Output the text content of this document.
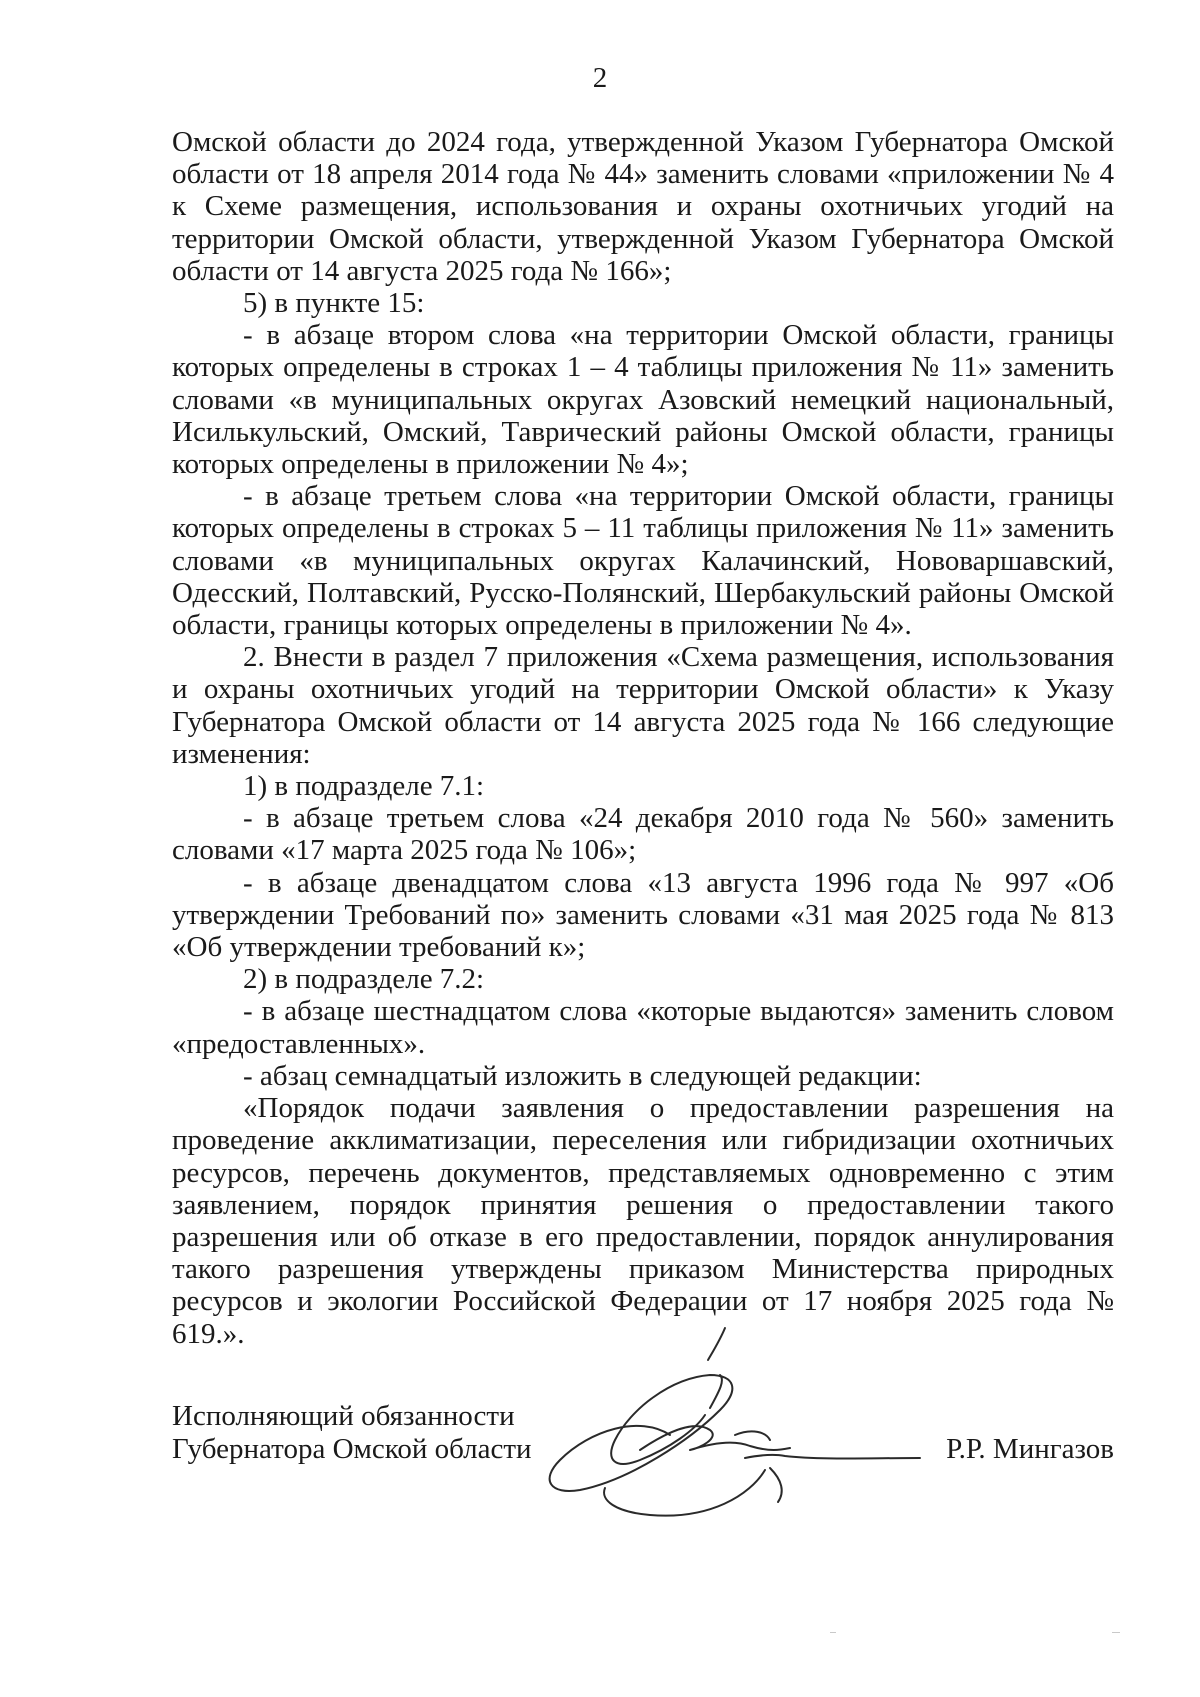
2

Омской области до 2024 года, утвержденной Указом Губернатора Омской области от 18 апреля 2014 года № 44» заменить словами «приложении № 4 к Схеме размещения, использования и охраны охотничьих угодий на территории Омской области, утвержденной Указом Губернатора Омской области от 14 августа 2025 года № 166»;

5) в пункте 15:

- в абзаце втором слова «на территории Омской области, границы которых определены в строках 1 – 4 таблицы приложения № 11» заменить словами «в муниципальных округах Азовский немецкий национальный, Исилькульский, Омский, Таврический районы Омской области, границы которых определены в приложении № 4»;

- в абзаце третьем слова «на территории Омской области, границы которых определены в строках 5 – 11 таблицы приложения № 11» заменить словами «в муниципальных округах Калачинский, Нововаршавский, Одесский, Полтавский, Русско-Полянский, Шербакульский районы Омской области, границы которых определены в приложении № 4».

2. Внести в раздел 7 приложения «Схема размещения, использования и охраны охотничьих угодий на территории Омской области» к Указу Губернатора Омской области от 14 августа 2025 года № 166 следующие изменения:

1) в подразделе 7.1:

- в абзаце третьем слова «24 декабря 2010 года № 560» заменить словами «17 марта 2025 года № 106»;

- в абзаце двенадцатом слова «13 августа 1996 года № 997 «Об утверждении Требований по» заменить словами «31 мая 2025 года № 813 «Об утверждении требований к»;

2) в подразделе 7.2:

- в абзаце шестнадцатом слова «которые выдаются» заменить словом «предоставленных».

- абзац семнадцатый изложить в следующей редакции:

«Порядок подачи заявления о предоставлении разрешения на проведение акклиматизации, переселения или гибридизации охотничьих ресурсов, перечень документов, представляемых одновременно с этим заявлением, порядок принятия решения о предоставлении такого разрешения или об отказе в его предоставлении, порядок аннулирования такого разрешения утверждены приказом Министерства природных ресурсов и экологии Российской Федерации от 17 ноября 2025 года № 619.».

Исполняющий обязанности
Губернатора Омской области	Р.Р. Мингазов
